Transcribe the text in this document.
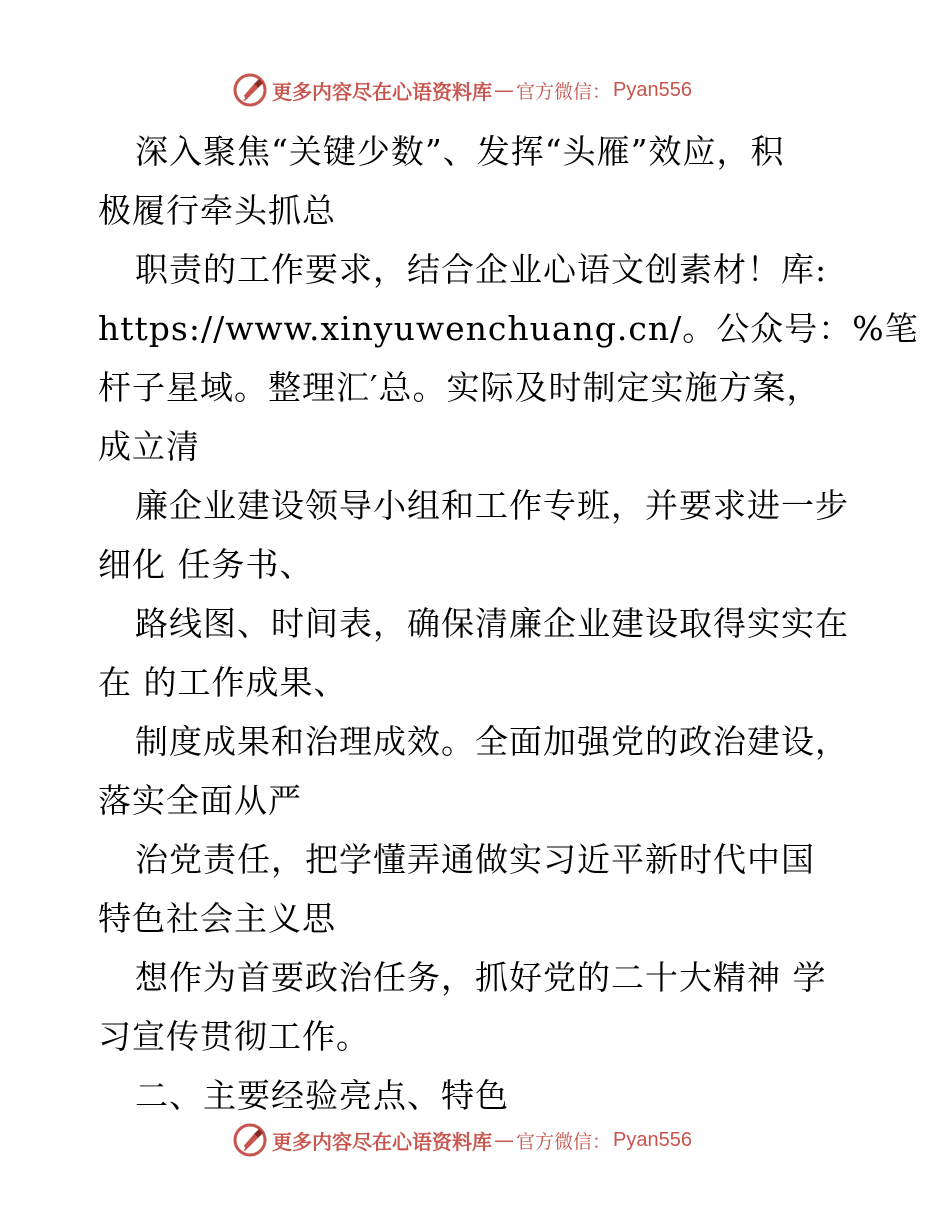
更多内容尽在心语资料库 — 官方微信： Pyan556
深入聚焦“关键少数”、发挥“头雁”效应，积
极履行牵头抓总
职责的工作要求，结合企业心语文创素材！库:
https://www.xinyuwenchuang.cn/。公众号：%笔
杆子星域。整理汇′总。实际及时制定实施方案，
成立清
廉企业建设领导小组和工作专班，并要求进一步
细化 任务书、
路线图、时间表，确保清廉企业建设取得实实在
在 的工作成果、
制度成果和治理成效。全面加强党的政治建设，
落实全面从严
治党责任，把学懂弄通做实习近平新时代中国
特色社会主义思
想作为首要政治任务，抓好党的二十大精神 学
习宣传贯彻工作。
二、主要经验亮点、特色
更多内容尽在心语资料库 — 官方微信： Pyan556
